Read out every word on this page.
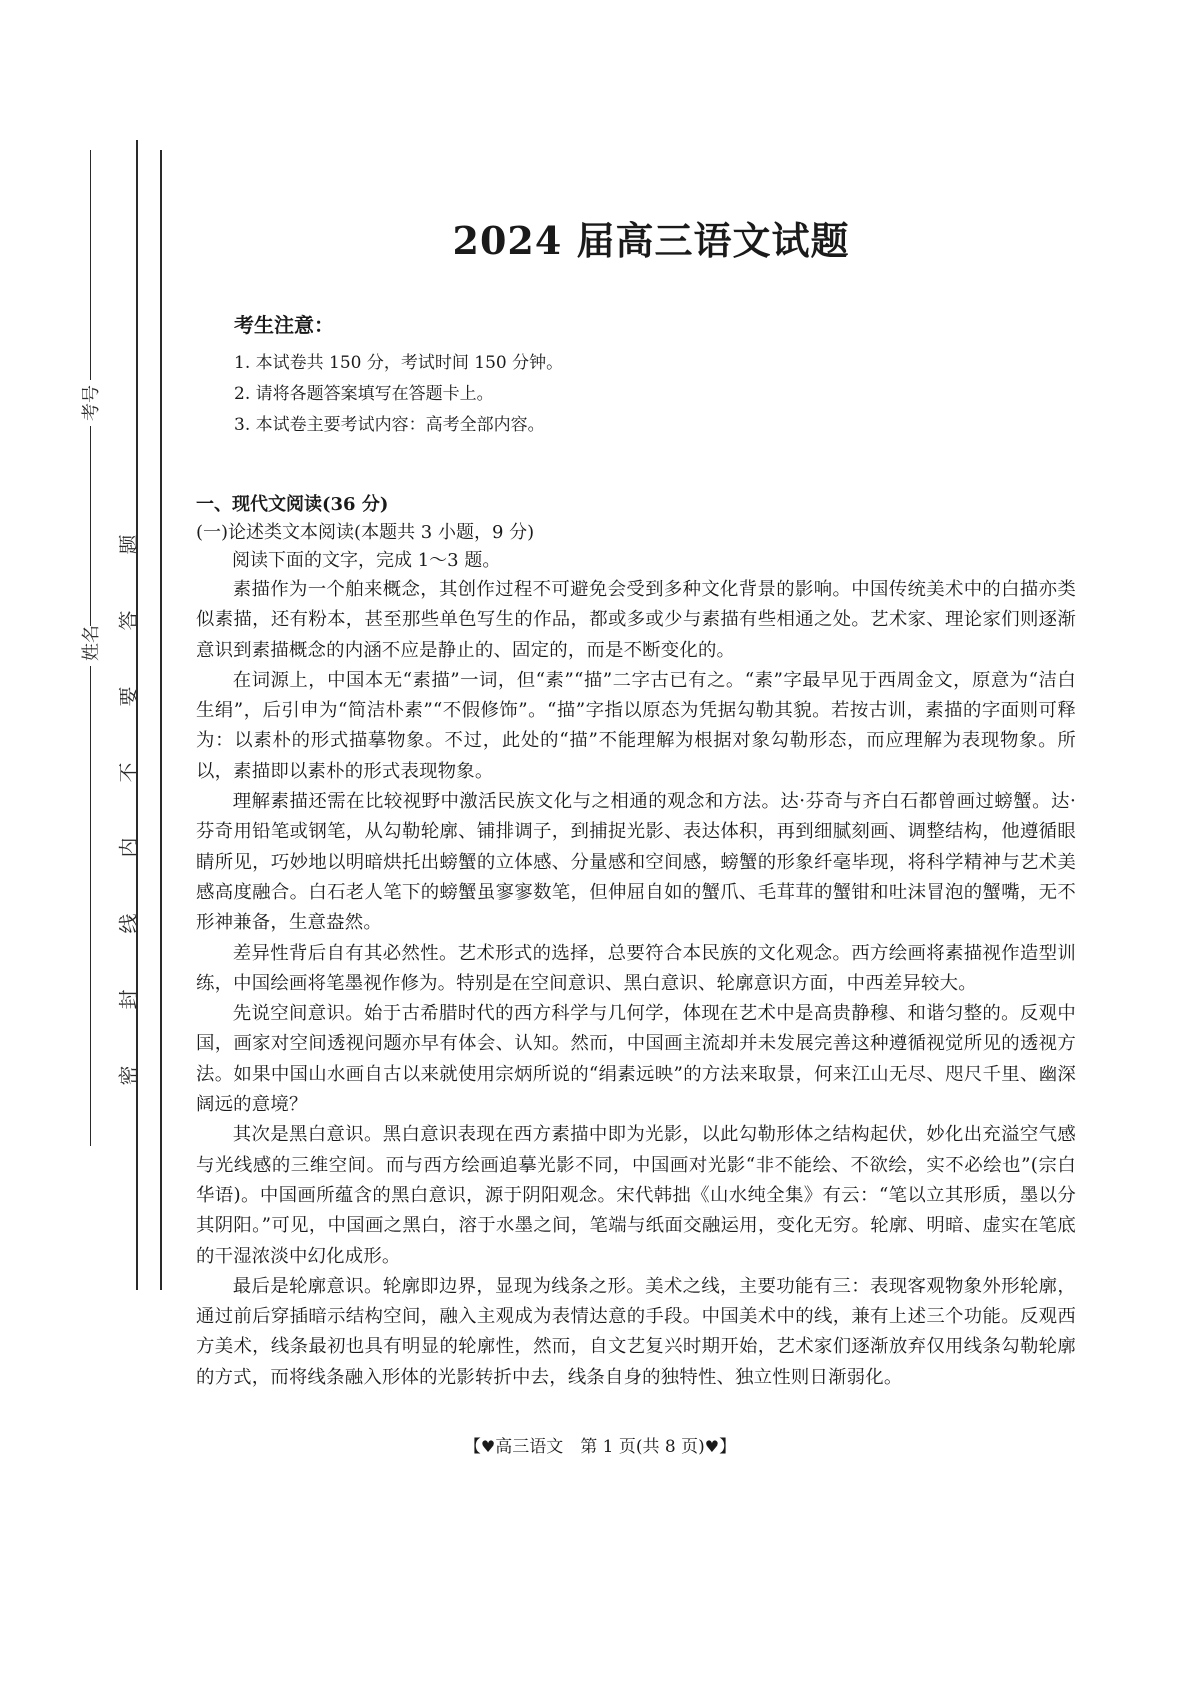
考号
姓名
题
答
要
不
内
线
封
密
2024 届高三语文试题

考生注意：

1. 本试卷共 150 分，考试时间 150 分钟。

2. 请将各题答案填写在答题卡上。

3. 本试卷主要考试内容：高考全部内容。

一、现代文阅读(36 分)

(一)论述类文本阅读(本题共 3 小题，9 分)

阅读下面的文字，完成 1～3 题。

素描作为一个舶来概念，其创作过程不可避免会受到多种文化背景的影响。中国传统美术中的白描亦类似素描，还有粉本，甚至那些单色写生的作品，都或多或少与素描有些相通之处。艺术家、理论家们则逐渐意识到素描概念的内涵不应是静止的、固定的，而是不断变化的。

在词源上，中国本无“素描”一词，但“素”“描”二字古已有之。“素”字最早见于西周金文，原意为“洁白生绢”，后引申为“简洁朴素”“不假修饰”。“描”字指以原态为凭据勾勒其貌。若按古训，素描的字面则可释为：以素朴的形式描摹物象。不过，此处的“描”不能理解为根据对象勾勒形态，而应理解为表现物象。所以，素描即以素朴的形式表现物象。

理解素描还需在比较视野中激活民族文化与之相通的观念和方法。达·芬奇与齐白石都曾画过螃蟹。达·芬奇用铅笔或钢笔，从勾勒轮廓、铺排调子，到捕捉光影、表达体积，再到细腻刻画、调整结构，他遵循眼睛所见，巧妙地以明暗烘托出螃蟹的立体感、分量感和空间感，螃蟹的形象纤毫毕现，将科学精神与艺术美感高度融合。白石老人笔下的螃蟹虽寥寥数笔，但伸屈自如的蟹爪、毛茸茸的蟹钳和吐沫冒泡的蟹嘴，无不形神兼备，生意盎然。

差异性背后自有其必然性。艺术形式的选择，总要符合本民族的文化观念。西方绘画将素描视作造型训练，中国绘画将笔墨视作修为。特别是在空间意识、黑白意识、轮廓意识方面，中西差异较大。

先说空间意识。始于古希腊时代的西方科学与几何学，体现在艺术中是高贵静穆、和谐匀整的。反观中国，画家对空间透视问题亦早有体会、认知。然而，中国画主流却并未发展完善这种遵循视觉所见的透视方法。如果中国山水画自古以来就使用宗炳所说的“绢素远映”的方法来取景，何来江山无尽、咫尺千里、幽深阔远的意境？

其次是黑白意识。黑白意识表现在西方素描中即为光影，以此勾勒形体之结构起伏，妙化出充溢空气感与光线感的三维空间。而与西方绘画追摹光影不同，中国画对光影“非不能绘、不欲绘，实不必绘也”(宗白华语)。中国画所蕴含的黑白意识，源于阴阳观念。宋代韩拙《山水纯全集》有云：“笔以立其形质，墨以分其阴阳。”可见，中国画之黑白，溶于水墨之间，笔端与纸面交融运用，变化无穷。轮廓、明暗、虚实在笔底的干湿浓淡中幻化成形。

最后是轮廓意识。轮廓即边界，显现为线条之形。美术之线，主要功能有三：表现客观物象外形轮廓，通过前后穿插暗示结构空间，融入主观成为表情达意的手段。中国美术中的线，兼有上述三个功能。反观西方美术，线条最初也具有明显的轮廓性，然而，自文艺复兴时期开始，艺术家们逐渐放弃仅用线条勾勒轮廓的方式，而将线条融入形体的光影转折中去，线条自身的独特性、独立性则日渐弱化。

【♥高三语文　第 1 页(共 8 页)♥】
